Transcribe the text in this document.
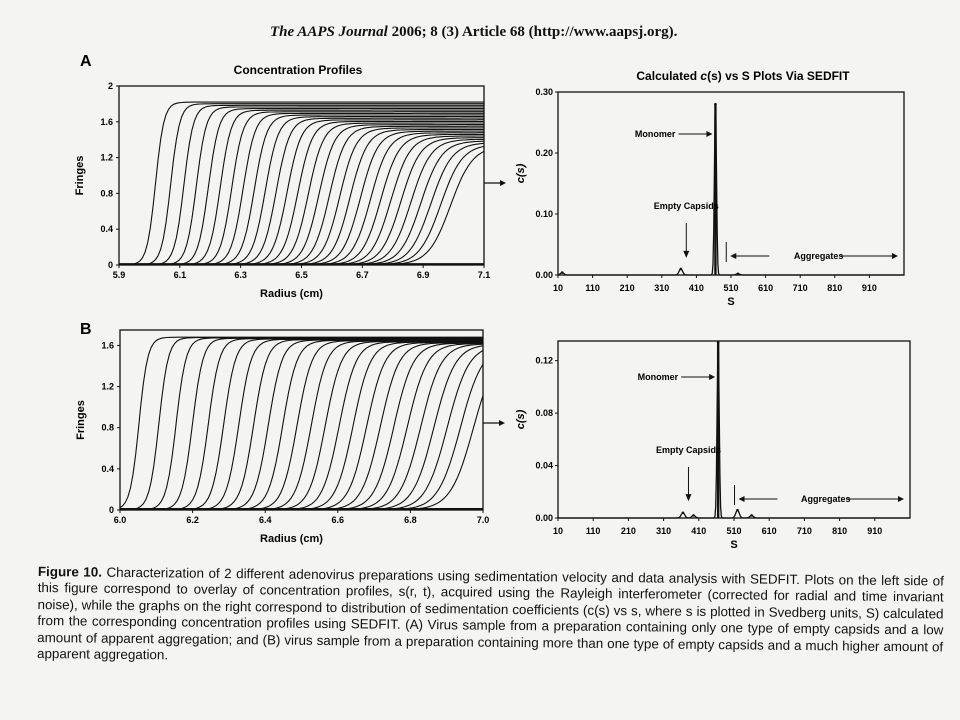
The AAPS Journal 2006; 8 (3) Article 68 (http://www.aapsj.org).
A	Concentration Profiles
5.9	6.1	6.3	6.5	6.7	6.9	7.1
0
0.4
0.8
1.2
1.6
2
Radius (cm)
Fringes
Calculated c(s) vs S Plots Via SEDFIT
10 110 210 310 410 510 610 710 810 910
0.00
0.10
0.20
0.30
S
c(s)
Monomer
Empty Capsids
Aggregates
B
6.0	6.2	6.4	6.6	6.8	7.0
0
0.4
0.8
1.2
1.6
Radius (cm)
Fringes
10	110 210 310 410 510 610 710 810 910
0.00
0.04
0.08
0.12
S
c(s)
Monomer
Empty Capsids
Aggregates
Figure 10. Characterization of 2 different adenovirus preparations using sedimentation velocity and data analysis with SEDFIT. Plots on the left side of this figure correspond to overlay of concentration profiles, s(r, t), acquired using the Rayleigh interferometer (corrected for radial and time invariant noise), while the graphs on the right correspond to distribution of sedimentation coefficients (c(s) vs s, where s is plotted in Svedberg units, S) calculated from the corresponding concentration profiles using SEDFIT. (A) Virus sample from a preparation containing only one type of empty capsids and a low amount of apparent aggregation; and (B) virus sample from a preparation containing more than one type of empty capsids and a much higher amount of apparent aggregation.
